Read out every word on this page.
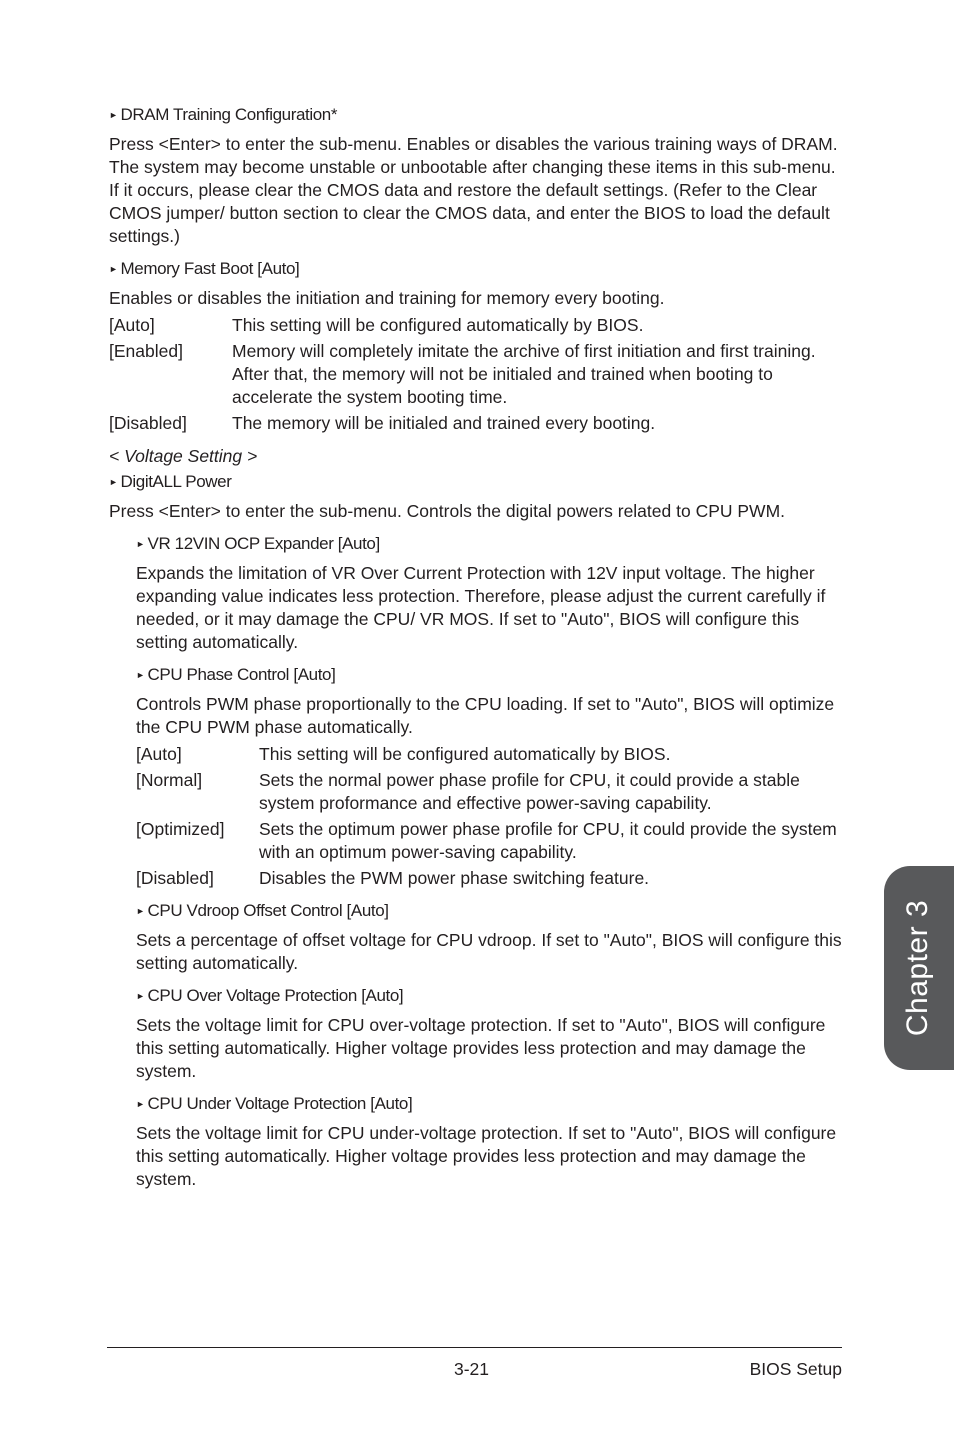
► DRAM Training Configuration*

Press <Enter> to enter the sub-menu. Enables or disables the various training ways of DRAM. The system may become unstable or unbootable after changing these items in this sub-menu. If it occurs, please clear the CMOS data and restore the default settings. (Refer to the Clear CMOS jumper/ button section to clear the CMOS data, and enter the BIOS to load the default settings.)

► Memory Fast Boot [Auto]

Enables or disables the initiation and training for memory every booting.

[Auto]	This setting will be configured automatically by BIOS.
[Enabled]	Memory will completely imitate the archive of first initiation and first training. After that, the memory will not be initialed and trained when booting to accelerate the system booting time.
[Disabled]	The memory will be initialed and trained every booting.
< Voltage Setting >
► DigitALL Power

Press <Enter> to enter the sub-menu. Controls the digital powers related to CPU PWM.

► VR 12VIN OCP Expander [Auto]

Expands the limitation of VR Over Current Protection with 12V input voltage. The higher expanding value indicates less protection. Therefore, please adjust the current carefully if needed, or it may damage the CPU/ VR MOS. If set to "Auto", BIOS will configure this setting automatically.

► CPU Phase Control [Auto]

Controls PWM phase proportionally to the CPU loading. If set to "Auto", BIOS will optimize the CPU PWM phase automatically.

[Auto]	This setting will be configured automatically by BIOS.
[Normal]	Sets the normal power phase profile for CPU, it could provide a stable system proformance and effective power-saving capability.
[Optimized]	Sets the optimum power phase profile for CPU, it could provide the system with an optimum power-saving capability.
[Disabled]	Disables the PWM power phase switching feature.
► CPU Vdroop Offset Control [Auto]

Sets a percentage of offset voltage for CPU vdroop. If set to "Auto", BIOS will configure this setting automatically.

► CPU Over Voltage Protection [Auto]

Sets the voltage limit for CPU over-voltage protection. If set to "Auto", BIOS will configure this setting automatically. Higher voltage provides less protection and may damage the system.

► CPU Under Voltage Protection [Auto]

Sets the voltage limit for CPU under-voltage protection. If set to "Auto", BIOS will configure this setting automatically. Higher voltage provides less protection and may damage the system.

Chapter 3
3-21	BIOS Setup
